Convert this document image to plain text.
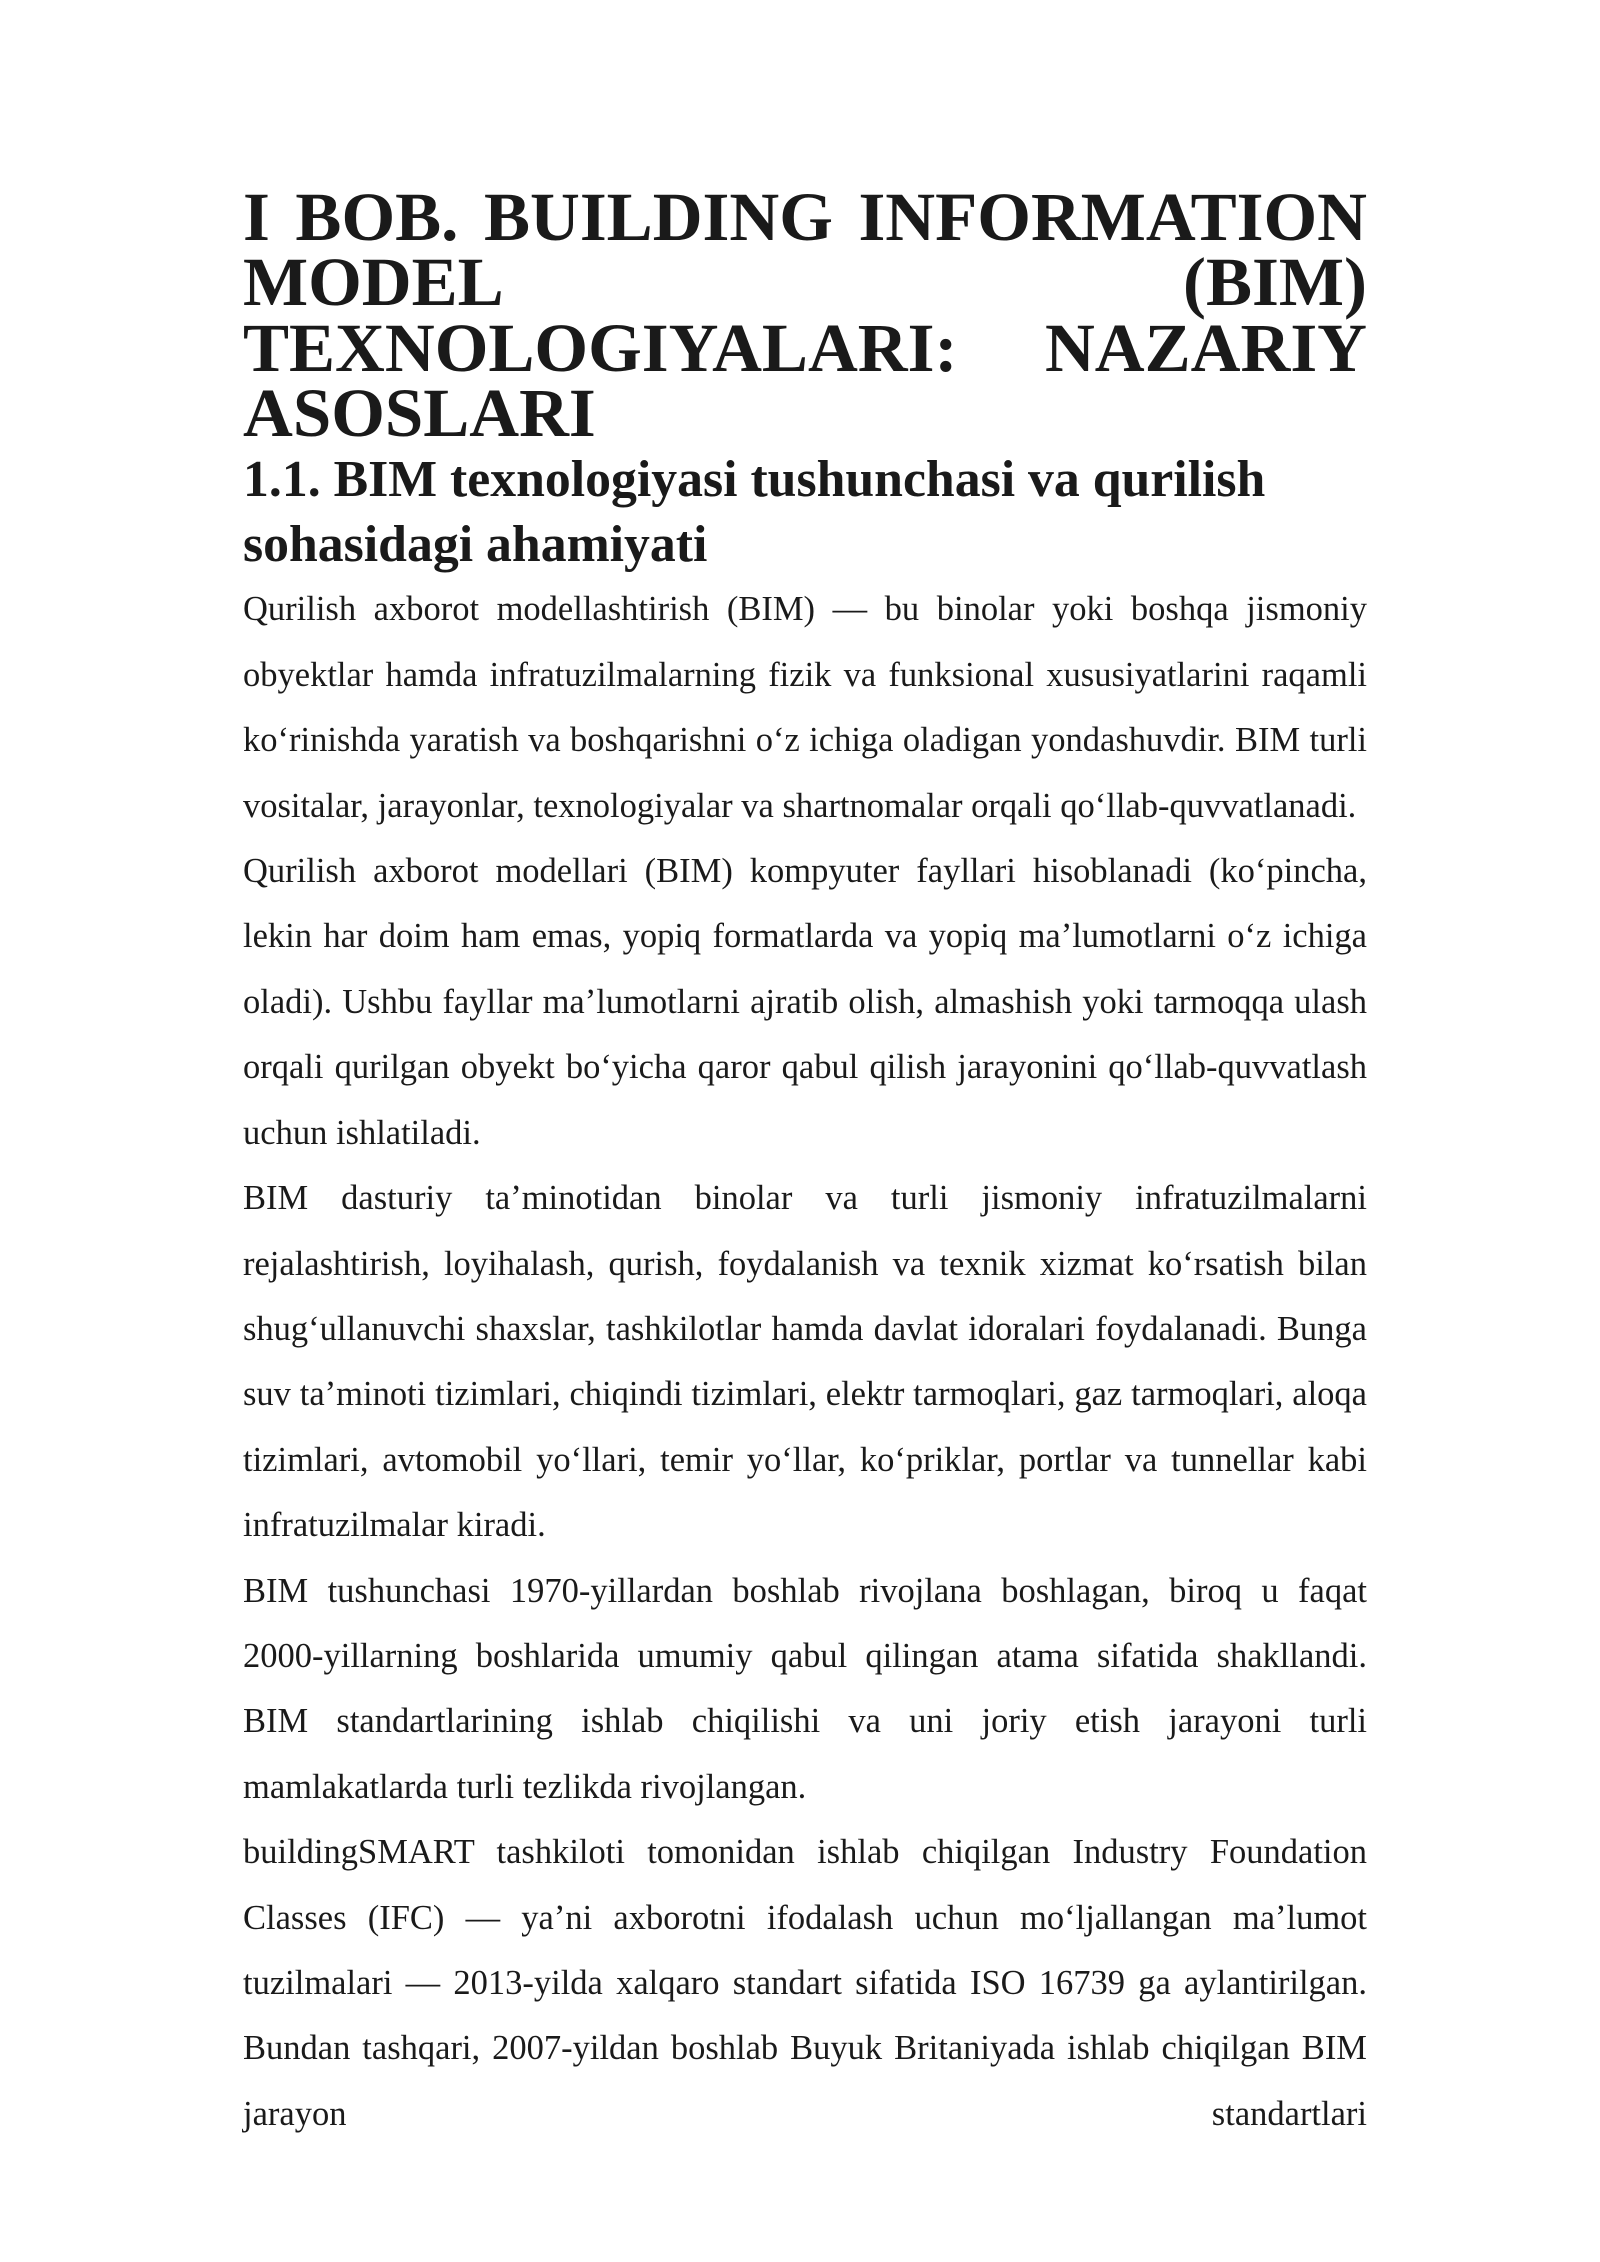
I BOB. BUILDING INFORMATION MODEL (BIM)
TEXNOLOGIYALARI: NAZARIY ASOSLARI
1.1. BIM texnologiyasi tushunchasi va qurilish sohasidagi ahamiyati

Qurilish axborot modellashtirish (BIM) — bu binolar yoki boshqa jismoniy obyektlar hamda infratuzilmalarning fizik va funksional xususiyatlarini raqamli koʻrinishda yaratish va boshqarishni oʻz ichiga oladigan yondashuvdir. BIM turli vositalar, jarayonlar, texnologiyalar va shartnomalar orqali qoʻllab-quvvatlanadi.

Qurilish axborot modellari (BIM) kompyuter fayllari hisoblanadi (koʻpincha, lekin har doim ham emas, yopiq formatlarda va yopiq maʼlumotlarni oʻz ichiga oladi). Ushbu fayllar maʼlumotlarni ajratib olish, almashish yoki tarmoqqa ulash orqali qurilgan obyekt boʻyicha qaror qabul qilish jarayonini qoʻllab-quvvatlash uchun ishlatiladi.

BIM dasturiy taʼminotidan binolar va turli jismoniy infratuzilmalarni rejalashtirish, loyihalash, qurish, foydalanish va texnik xizmat koʻrsatish bilan shugʻullanuvchi shaxslar, tashkilotlar hamda davlat idoralari foydalanadi. Bunga suv taʼminoti tizimlari, chiqindi tizimlari, elektr tarmoqlari, gaz tarmoqlari, aloqa tizimlari, avtomobil yoʻllari, temir yoʻllar, koʻpriklar, portlar va tunnellar kabi infratuzilmalar kiradi.

BIM tushunchasi 1970-yillardan boshlab rivojlana boshlagan, biroq u faqat 2000-yillarning boshlarida umumiy qabul qilingan atama sifatida shakllandi. BIM standartlarining ishlab chiqilishi va uni joriy etish jarayoni turli mamlakatlarda turli tezlikda rivojlangan.

buildingSMART tashkiloti tomonidan ishlab chiqilgan Industry Foundation Classes (IFC) — yaʼni axborotni ifodalash uchun moʻljallangan maʼlumot tuzilmalari — 2013-yilda xalqaro standart sifatida ISO 16739 ga aylantirilgan. Bundan tashqari, 2007-yildan boshlab Buyuk Britaniyada ishlab chiqilgan BIM jarayon standartlari
